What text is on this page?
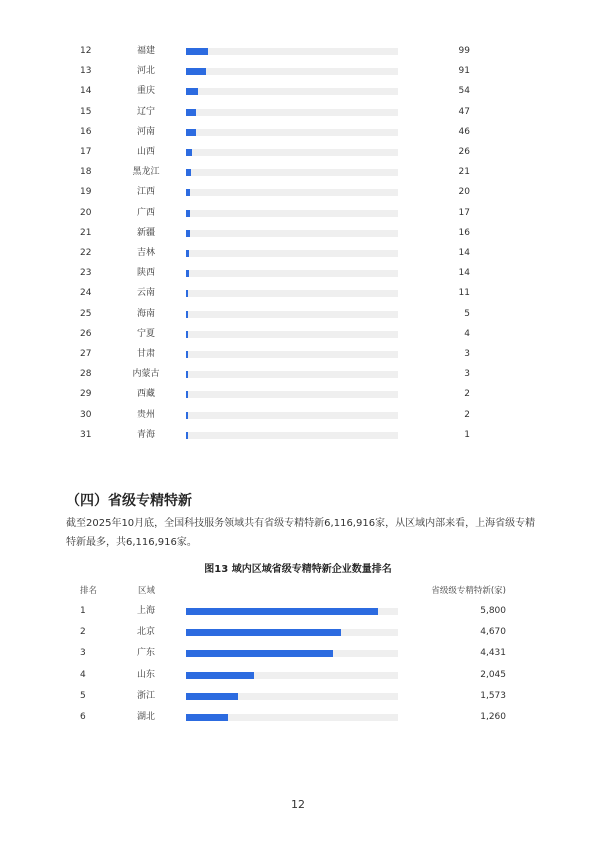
12	福建	99
13	河北	91
14	重庆	54
15	辽宁	47
16	河南	46
17	山西	26
18	黑龙江	21
19	江西	20
20	广西	17
21	新疆	16
22	吉林	14
23	陕西	14
24	云南	11
25	海南	5
26	宁夏	4
27	甘肃	3
28	内蒙古	3
29	西藏	2
30	贵州	2
31	青海	1
（四）省级专精特新

截至2025年10月底，全国科技服务领域共有省级专精特新6,116,916家，从区域内部来看，上海省级专精特新最多，共6,116,916家。

图13 域内区域省级专精特新企业数量排名
排名	区域	省级级专精特新(家)
1	上海	5,800
2	北京	4,670
3	广东	4,431
4	山东	2,045
5	浙江	1,573
6	湖北	1,260
12
